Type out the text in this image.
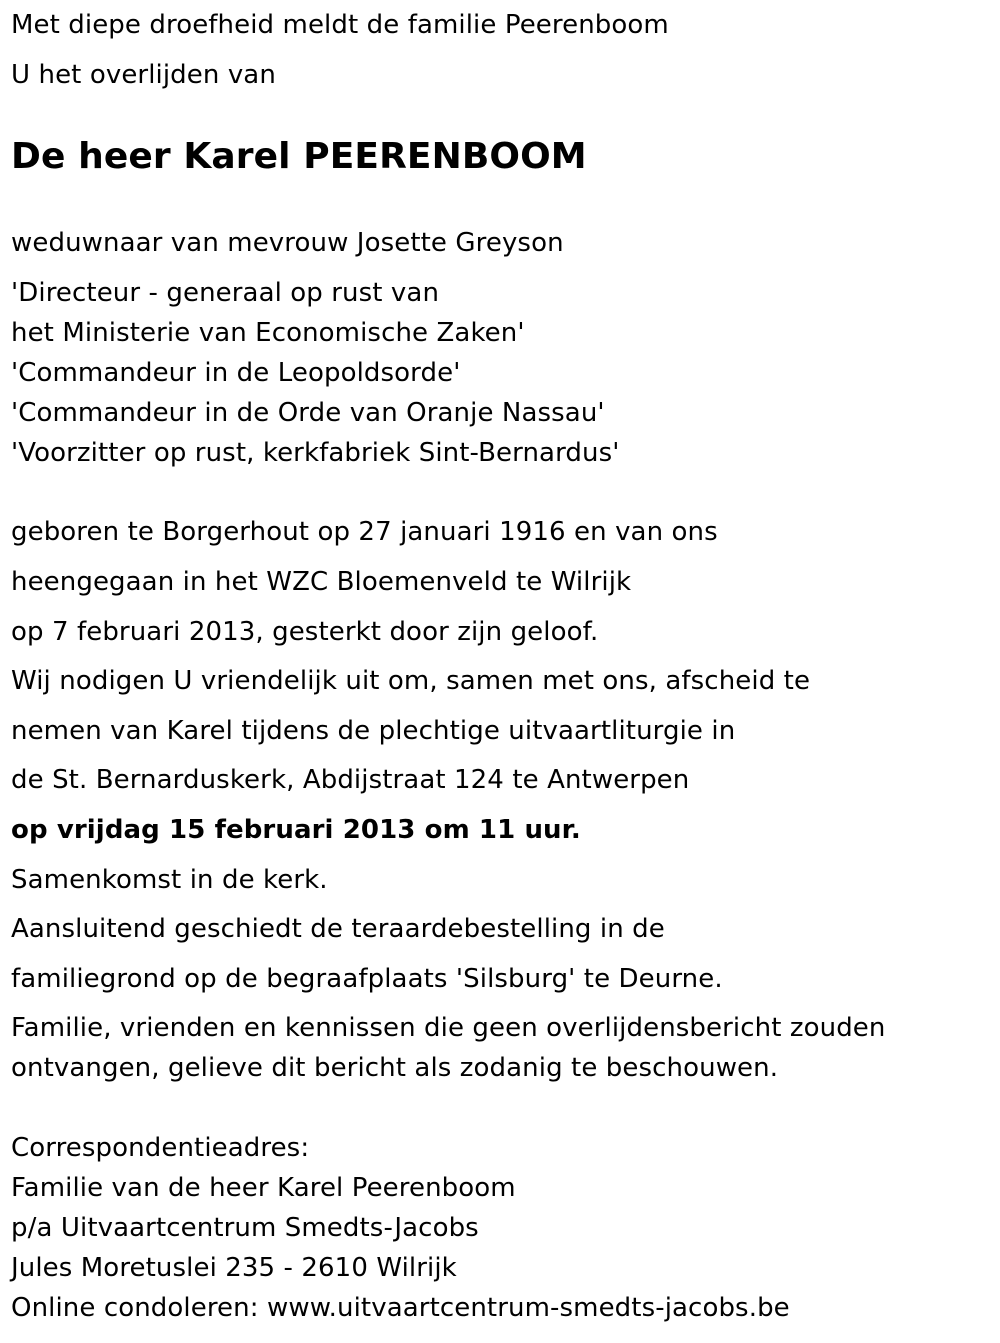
Met diepe droefheid meldt de familie Peerenboom
U het overlijden van
De heer Karel PEERENBOOM
weduwnaar van mevrouw Josette Greyson
'Directeur - generaal op rust van
het Ministerie van Economische Zaken'
'Commandeur in de Leopoldsorde'
'Commandeur in de Orde van Oranje Nassau'
'Voorzitter op rust, kerkfabriek Sint-Bernardus'
geboren te Borgerhout op 27 januari 1916 en van ons
heengegaan in het WZC Bloemenveld te Wilrijk
op 7 februari 2013, gesterkt door zijn geloof.
Wij nodigen U vriendelijk uit om, samen met ons, afscheid te
nemen van Karel tijdens de plechtige uitvaartliturgie in
de St. Bernarduskerk, Abdijstraat 124 te Antwerpen
op vrijdag 15 februari 2013 om 11 uur.
Samenkomst in de kerk.
Aansluitend geschiedt de teraardebestelling in de
familiegrond op de begraafplaats 'Silsburg' te Deurne.
Familie, vrienden en kennissen die geen overlijdensbericht zouden
ontvangen, gelieve dit bericht als zodanig te beschouwen.
Correspondentieadres:
Familie van de heer Karel Peerenboom
p/a Uitvaartcentrum Smedts-Jacobs
Jules Moretuslei 235 - 2610 Wilrijk
Online condoleren: www.uitvaartcentrum-smedts-jacobs.be
